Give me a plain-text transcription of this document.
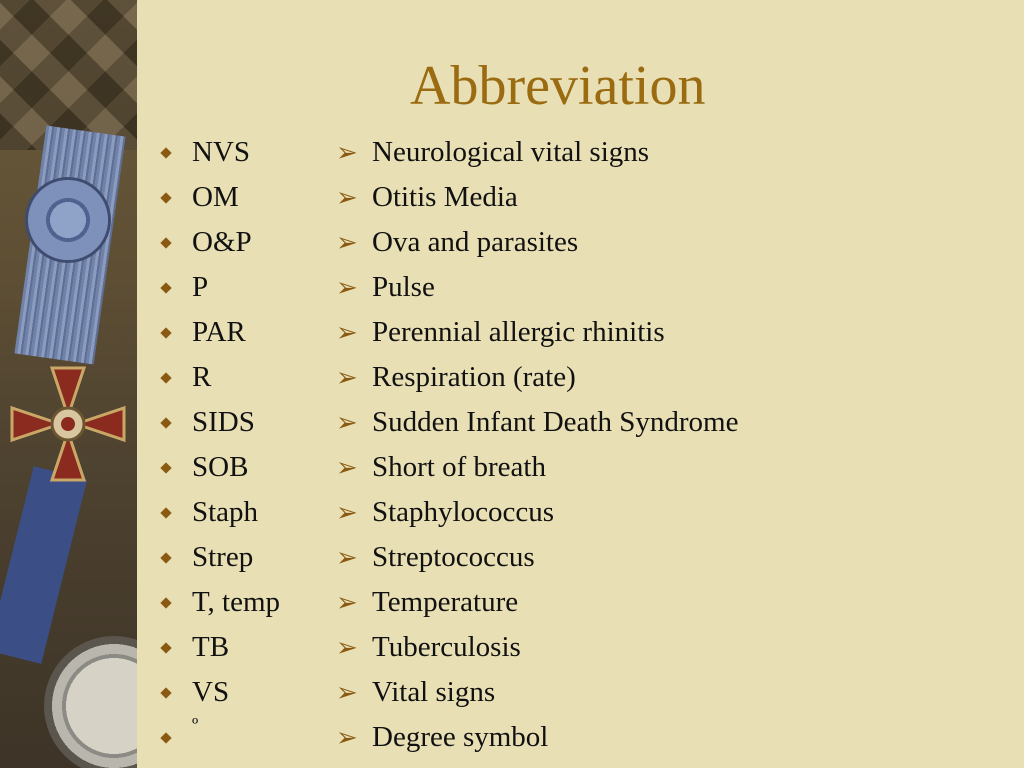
Abbreviation
NVS
OM
O&P
P
PAR
R
SIDS
SOB
Staph
Strep
T, temp
TB
VS
º
➢ Neurological vital signs
➢ Otitis Media
➢ Ova and parasites
➢ Pulse
➢ Perennial allergic rhinitis
➢ Respiration (rate)
➢ Sudden Infant Death Syndrome
➢ Short of breath
➢ Staphylococcus
➢ Streptococcus
➢ Temperature
➢ Tuberculosis
➢ Vital signs
➢ Degree symbol
